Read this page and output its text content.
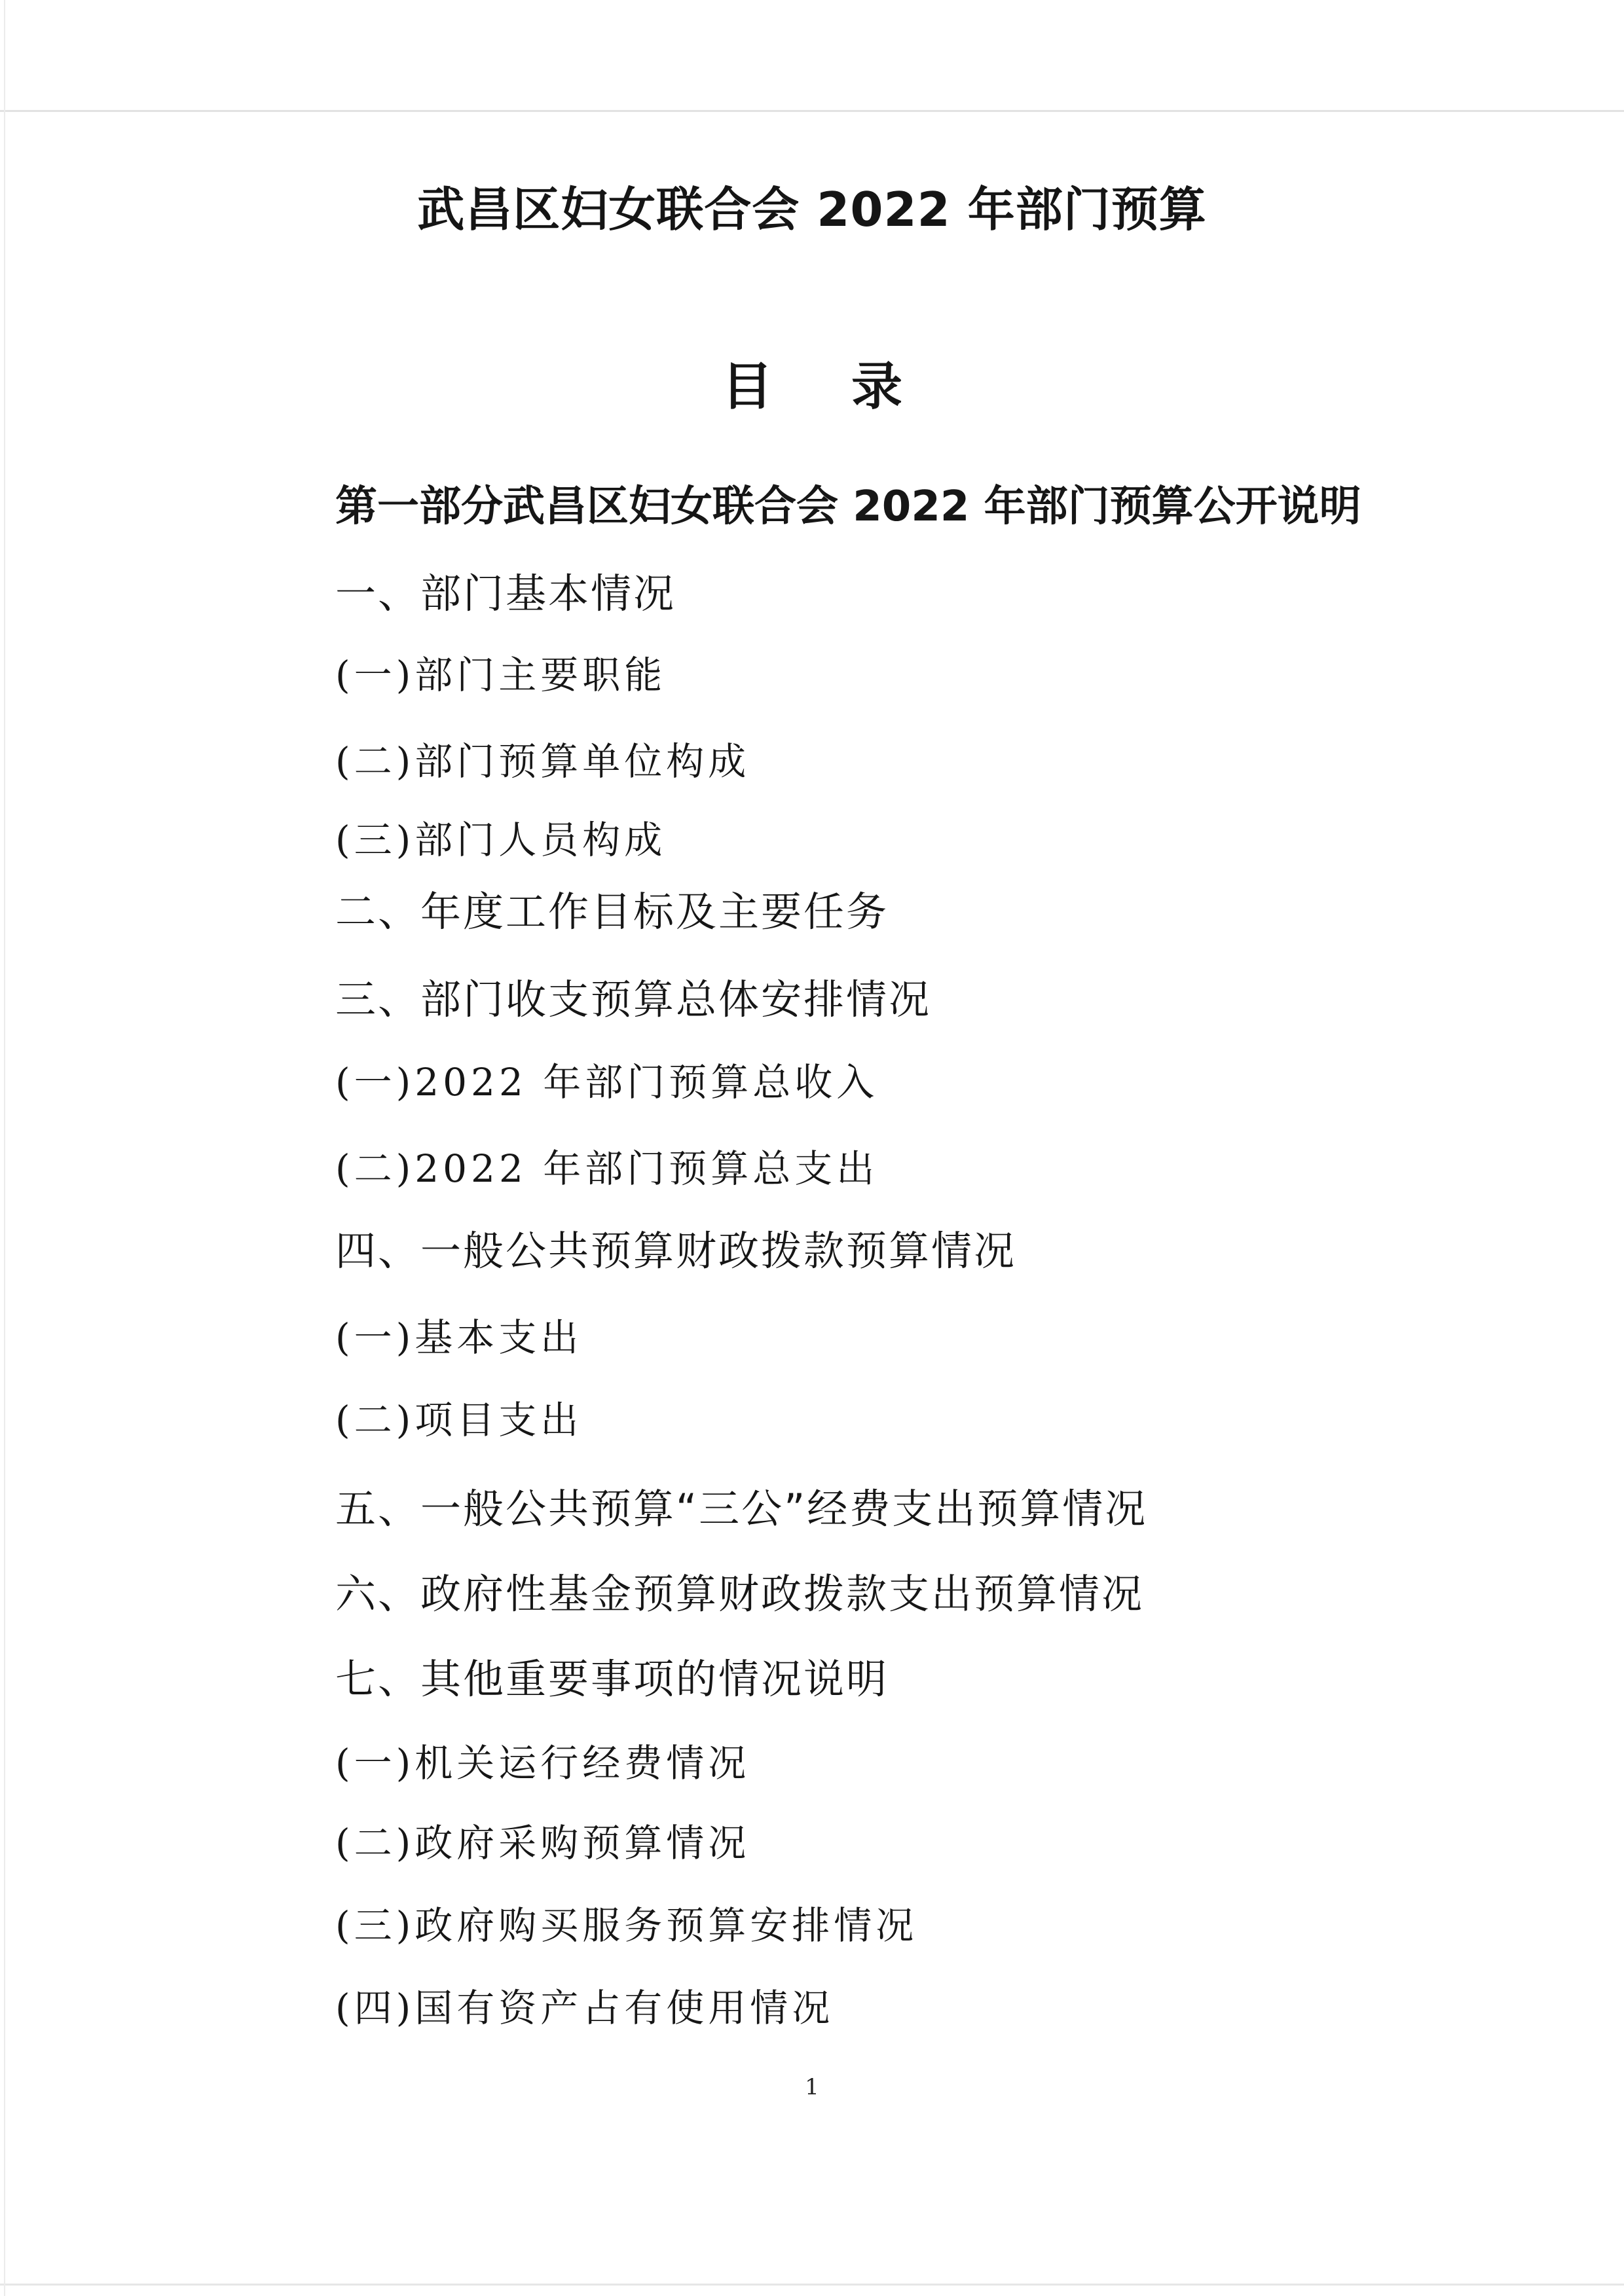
武昌区妇女联合会 2022 年部门预算
目录
第一部分武昌区妇女联合会 2022 年部门预算公开说明
一、部门基本情况
(一)部门主要职能
(二)部门预算单位构成
(三)部门人员构成
二、年度工作目标及主要任务
三、部门收支预算总体安排情况
(一)2022 年部门预算总收入
(二)2022 年部门预算总支出
四、一般公共预算财政拨款预算情况
(一)基本支出
(二)项目支出
五、一般公共预算“三公”经费支出预算情况
六、政府性基金预算财政拨款支出预算情况
七、其他重要事项的情况说明
(一)机关运行经费情况
(二)政府采购预算情况
(三)政府购买服务预算安排情况
(四)国有资产占有使用情况
1
